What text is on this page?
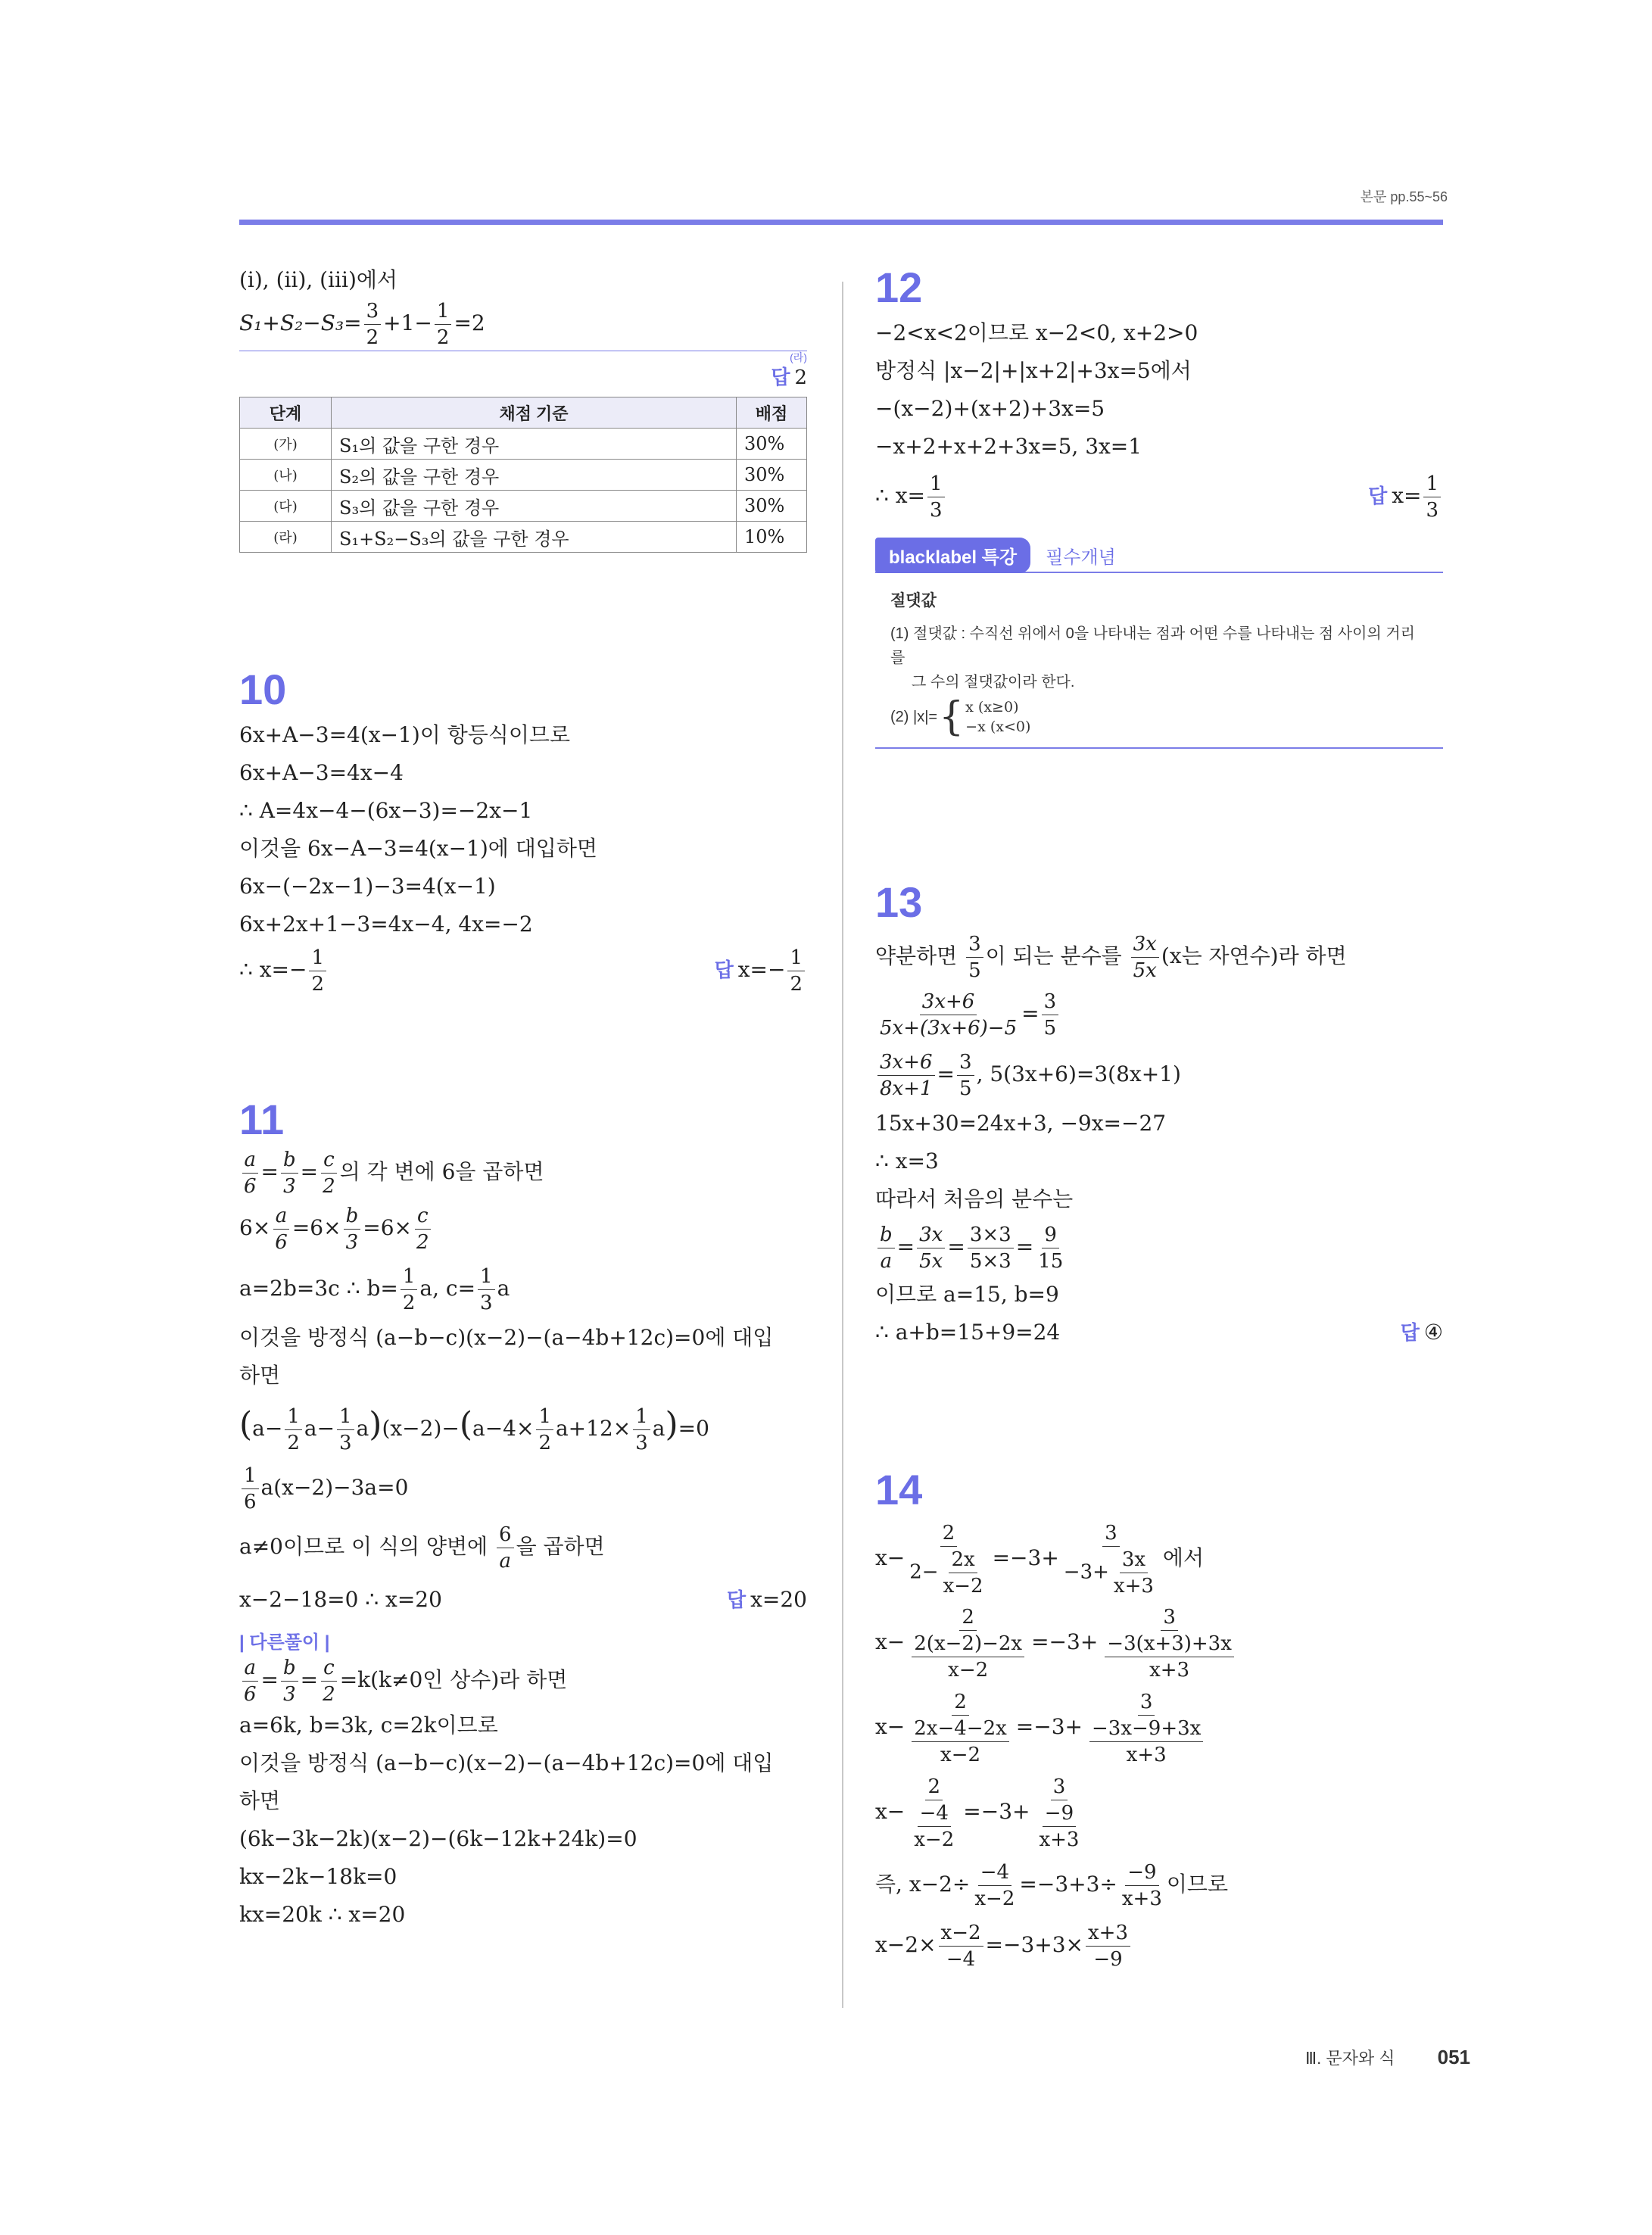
본문 pp.55~56
(ⅰ), (ⅱ), (ⅲ)에서
$S_1+S_2-S_3= \frac{3}{2} +1- \frac{1}{2} =2$
(라)
답 2
단계	채점 기준	배점
(가)	S₁의 값을 구한 경우	30%
(나)	S₂의 값을 구한 경우	30%
(다)	S₃의 값을 구한 경우	30%
(라)	S₁+S₂−S₃의 값을 구한 경우	10%
10
6x+A−3=4(x−1)이 항등식이므로
6x+A−3=4x−4
∴ A=4x−4−(6x−3)=−2x−1
이것을 6x−A−3=4(x−1)에 대입하면
6x−(−2x−1)−3=4(x−1)
6x+2x+1−3=4x−4, 4x=−2
∴ $x=- \frac{1}{2}$	답 $x=- \frac{1}{2}$
11
$\frac{a}{6} = \frac{b}{3} = \frac{c}{2}$ 의 각 변에 6을 곱하면
$6\times \frac{a}{6} =6\times \frac{b}{3} =6\times \frac{c}{2}$
a=2b=3c ∴ $b= \frac{1}{2} a$, $c= \frac{1}{3}$ a
이것을 방정식 (a−b−c)(x−2)−(a−4b+12c)=0에 대입
하면
$(a- \frac{1}{2} a- \frac{1}{3} a)(x-2)-(a-4\times \frac{1}{2} a+12\times \frac{1}{3} a)=0$
$\frac{1}{6} a(x-2)-3a=0$
a≠0이므로 이 식의 양변에 $\frac{6}{a}$ 을 곱하면
x−2−18=0 ∴ x=20	답 x=20
| 다른풀이 |
$\frac{a}{6} = \frac{b}{3} = \frac{c}{2} =k(k\ne 0$인 상수)라 하면
a=6k, b=3k, c=2k이므로
이것을 방정식 (a−b−c)(x−2)−(a−4b+12c)=0에 대입
하면
(6k−3k−2k)(x−2)−(6k−12k+24k)=0
kx−2k−18k=0
kx=20k ∴ x=20
12
−2<x<2이므로 x−2<0, x+2>0
방정식 |x−2|+|x+2|+3x=5에서
−(x−2)+(x+2)+3x=5
−x+2+x+2+3x=5, 3x=1
∴ $x= \frac{1}{3}$	답 $x= \frac{1}{3}$
blacklabel 특강	필수개념
절댓값
(1) 절댓값 : 수직선 위에서 0을 나타내는 점과 어떤 수를 나타내는 점 사이의 거리를
그 수의 절댓값이라 한다.
(2) |x|= { x (x≥0)
−x (x<0)
13
약분하면 $\frac{3}{5}$ 이 되는 분수를 $\frac{3x}{5x} (x$는 자연수)라 하면
$\frac{3x+6}{5x+(3x+6)-5} = \frac{3}{5}$
$\frac{3x+6}{8x+1} = \frac{3}{5}$ , 5(3x+6)=3(8x+1)
15x+30=24x+3, −9x=−27
∴ x=3
따라서 처음의 분수는
$\frac{b}{a} = \frac{3x}{5x} = \frac{3\times 3}{5\times 3} = \frac{9}{15}$
이므로 a=15, b=9
∴ a+b=15+9=24	답 ④
14
$x- \frac{2}{2- \frac{2x}{x-2}} =-3+ \frac{3}{-3+ \frac{3x}{x+3}}$ 에서
$x- \frac{2}{\frac{2(x-2)-2x}{x-2}} =-3+ \frac{3}{\frac{-3(x+3)+3x}{x+3}}$
$x- \frac{2}{\frac{2x-4-2x}{x-2}} =-3+ \frac{3}{\frac{-3x-9+3x}{x+3}}$
$x- \frac{2}{\frac{-4}{x-2}} =-3+ \frac{3}{\frac{-9}{x+3}}$
즉, $x-2\div \frac{-4}{x-2} =-3+3\div \frac{-9}{x+3}$ 이므로
$x-2\times \frac{x-2}{-4} =-3+3\times \frac{x+3}{-9}$
Ⅲ. 문자와 식 051
